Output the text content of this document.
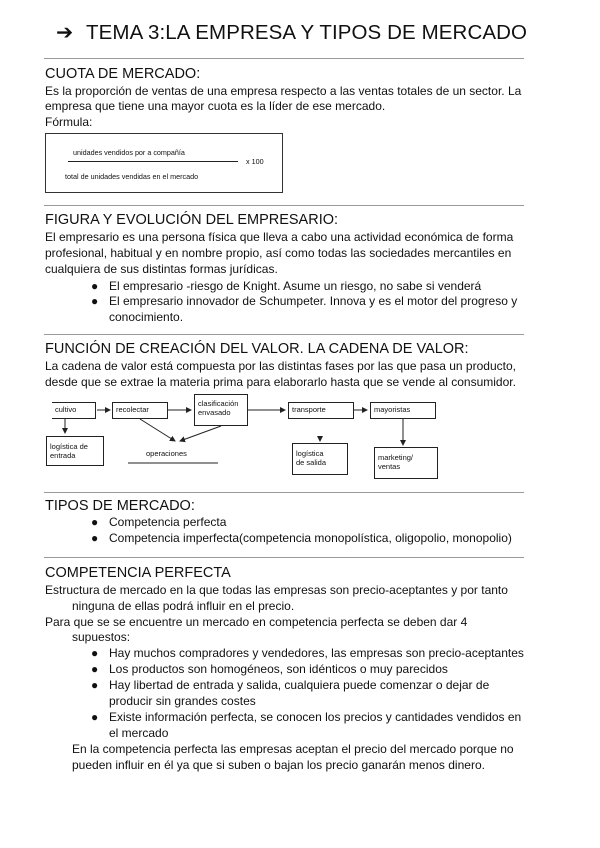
➔ TEMA 3:LA EMPRESA Y TIPOS DE MERCADO
CUOTA DE MERCADO:
Es la proporción de ventas de una empresa respecto a las ventas totales de un sector. La
empresa que tiene una mayor cuota es la líder de ese mercado.
Fórmula:
unidades vendidos por a compañía
x 100
total de unidades vendidas en el mercado
FIGURA Y EVOLUCIÓN DEL EMPRESARIO:
El empresario es una persona física que lleva a cabo una actividad económica de forma
profesional, habitual y en nombre propio, así como todas las sociedades mercantiles en
cualquiera de sus distintas formas jurídicas.
● El empresario -riesgo de Knight. Asume un riesgo, no sabe si venderá
● El empresario innovador de Schumpeter. Innova y es el motor del progreso y
conocimiento.
FUNCIÓN DE CREACIÓN DEL VALOR. LA CADENA DE VALOR:
La cadena de valor está compuesta por las distintas fases por las que pasa un producto,
desde que se extrae la materia prima para elaborarlo hasta que se vende al consumidor.
cultivo	recolectar
clasificación
envasado	transporte	mayoristas
logística de
entrada	operaciones	logística
de salida
marketing/
ventas
TIPOS DE MERCADO:
● Competencia perfecta
● Competencia imperfecta(competencia monopolística, oligopolio, monopolio)
COMPETENCIA PERFECTA
Estructura de mercado en la que todas las empresas son precio-aceptantes y por tanto
ninguna de ellas podrá influir en el precio.
Para que se se encuentre un mercado en competencia perfecta se deben dar 4
supuestos:
● Hay muchos compradores y vendedores, las empresas son precio-aceptantes
● Los productos son homogéneos, son idénticos o muy parecidos
● Hay libertad de entrada y salida, cualquiera puede comenzar o dejar de
producir sin grandes costes
● Existe información perfecta, se conocen los precios y cantidades vendidos en
el mercado
En la competencia perfecta las empresas aceptan el precio del mercado porque no
pueden influir en él ya que si suben o bajan los precio ganarán menos dinero.
